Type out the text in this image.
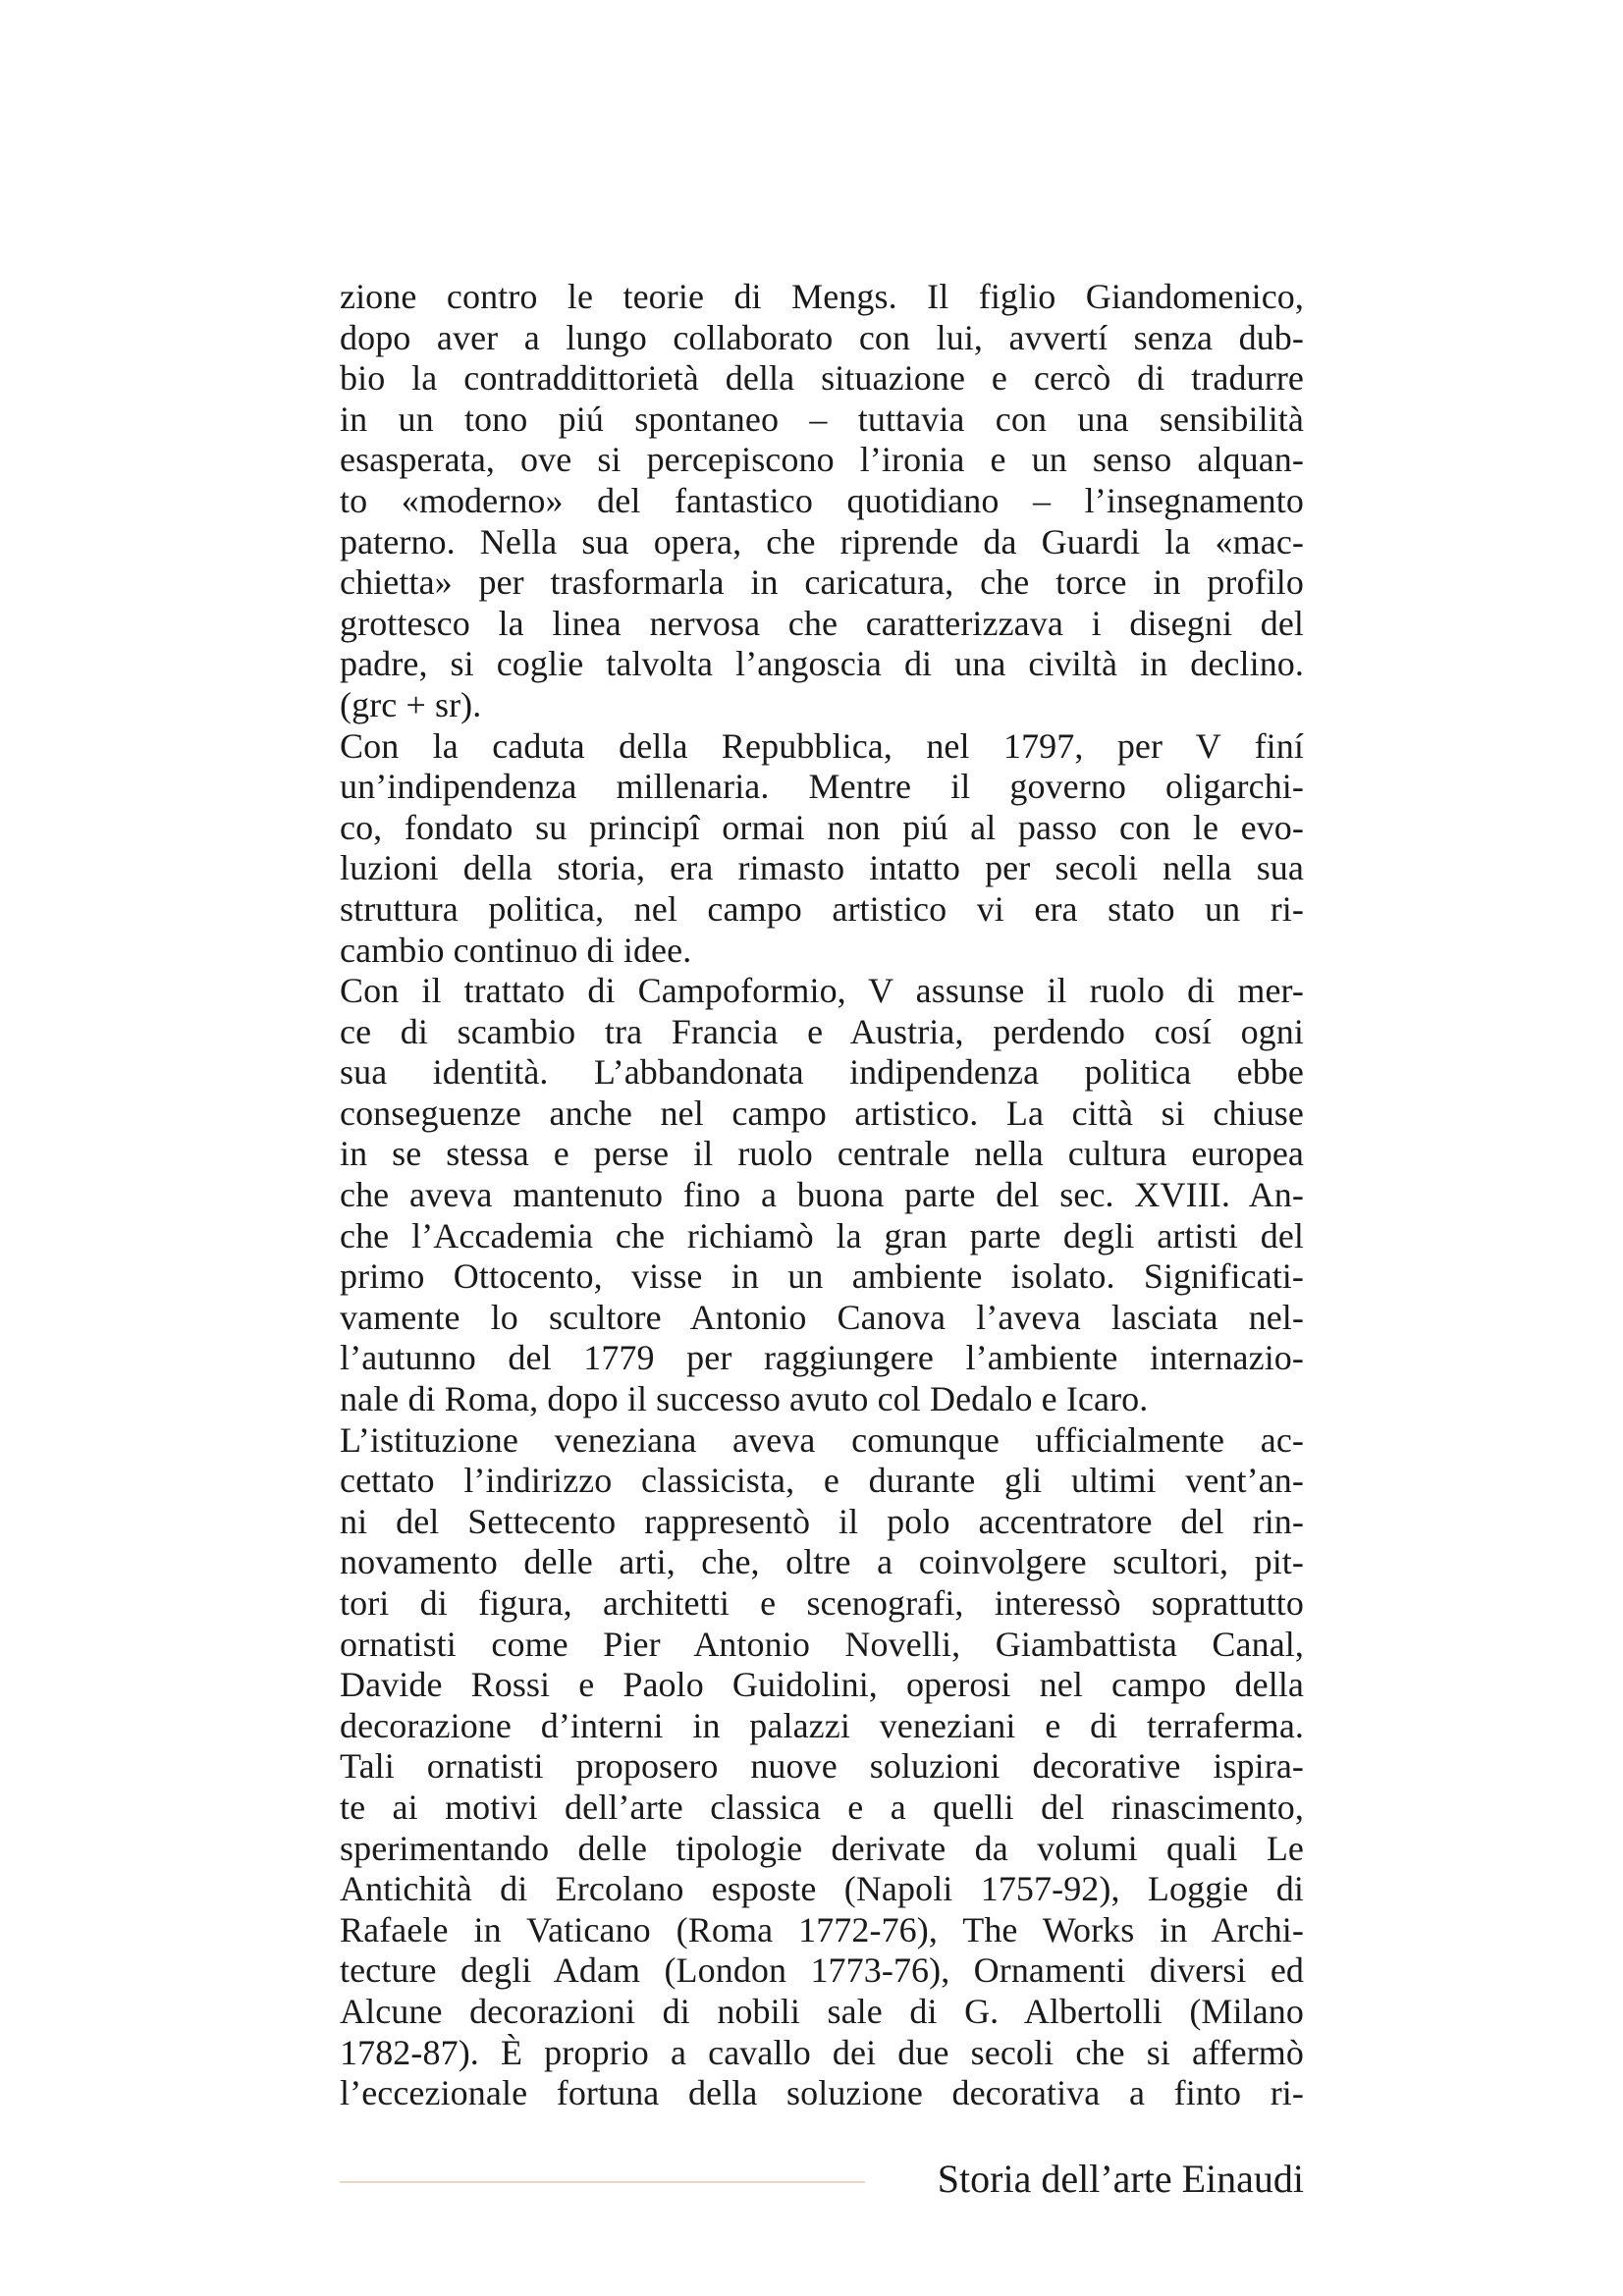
zione contro le teorie di Mengs. Il figlio Giandomenico,
dopo aver a lungo collaborato con lui, avvertí senza dub-
bio la contraddittorietà della situazione e cercò di tradurre
in un tono piú spontaneo – tuttavia con una sensibilità
esasperata, ove si percepiscono l’ironia e un senso alquan-
to «moderno» del fantastico quotidiano – l’insegnamento
paterno. Nella sua opera, che riprende da Guardi la «mac-
chietta» per trasformarla in caricatura, che torce in profilo
grottesco la linea nervosa che caratterizzava i disegni del
padre, si coglie talvolta l’angoscia di una civiltà in declino.
(grc + sr).
Con la caduta della Repubblica, nel 1797, per V finí
un’indipendenza millenaria. Mentre il governo oligarchi-
co, fondato su principî ormai non piú al passo con le evo-
luzioni della storia, era rimasto intatto per secoli nella sua
struttura politica, nel campo artistico vi era stato un ri-
cambio continuo di idee.
Con il trattato di Campoformio, V assunse il ruolo di mer-
ce di scambio tra Francia e Austria, perdendo cosí ogni
sua identità. L’abbandonata indipendenza politica ebbe
conseguenze anche nel campo artistico. La città si chiuse
in se stessa e perse il ruolo centrale nella cultura europea
che aveva mantenuto fino a buona parte del sec. XVIII. An-
che l’Accademia che richiamò la gran parte degli artisti del
primo Ottocento, visse in un ambiente isolato. Significati-
vamente lo scultore Antonio Canova l’aveva lasciata nel-
l’autunno del 1779 per raggiungere l’ambiente internazio-
nale di Roma, dopo il successo avuto col Dedalo e Icaro.
L’istituzione veneziana aveva comunque ufficialmente ac-
cettato l’indirizzo classicista, e durante gli ultimi vent’an-
ni del Settecento rappresentò il polo accentratore del rin-
novamento delle arti, che, oltre a coinvolgere scultori, pit-
tori di figura, architetti e scenografi, interessò soprattutto
ornatisti come Pier Antonio Novelli, Giambattista Canal,
Davide Rossi e Paolo Guidolini, operosi nel campo della
decorazione d’interni in palazzi veneziani e di terraferma.
Tali ornatisti proposero nuove soluzioni decorative ispira-
te ai motivi dell’arte classica e a quelli del rinascimento,
sperimentando delle tipologie derivate da volumi quali Le
Antichità di Ercolano esposte (Napoli 1757-92), Loggie di
Rafaele in Vaticano (Roma 1772-76), The Works in Archi-
tecture degli Adam (London 1773-76), Ornamenti diversi ed
Alcune decorazioni di nobili sale di G. Albertolli (Milano
1782-87). È proprio a cavallo dei due secoli che si affermò
l’eccezionale fortuna della soluzione decorativa a finto ri-
Storia dell’arte Einaudi
